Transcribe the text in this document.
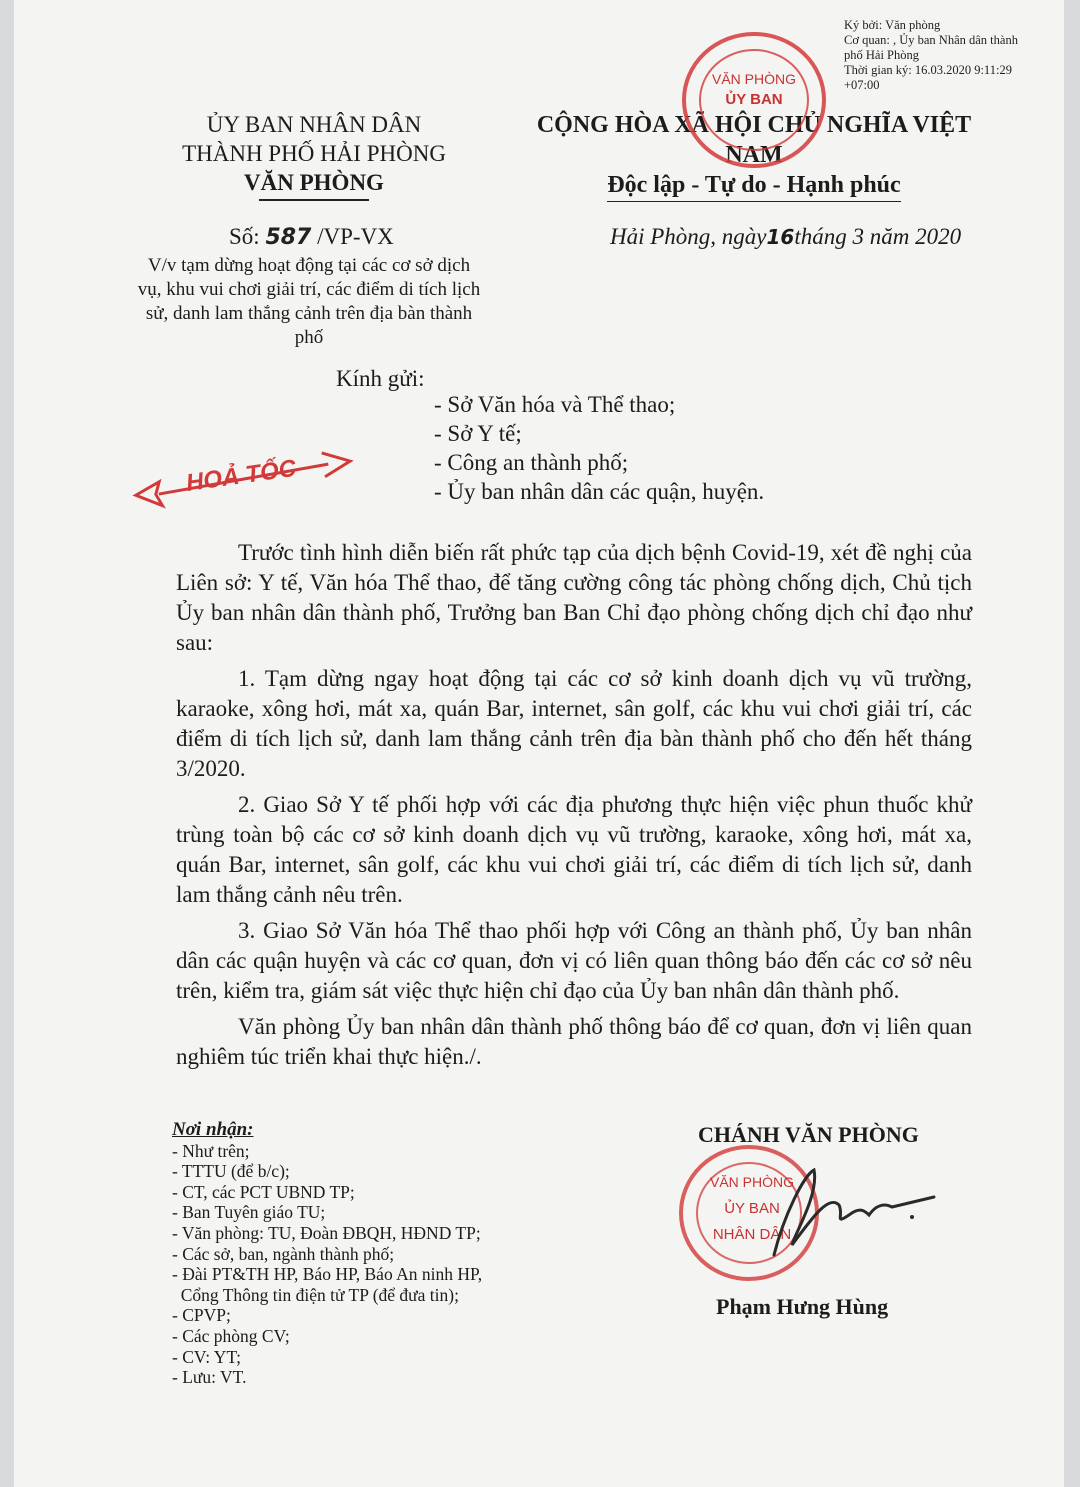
Ký bởi: Văn phòng
Cơ quan: , Ủy ban Nhân dân thành
phố Hải Phòng
Thời gian ký: 16.03.2020 9:11:29
+07:00
ỦY BAN NHÂN DÂN
THÀNH PHỐ HẢI PHÒNG
VĂN PHÒNG
CỘNG HÒA XÃ HỘI CHỦ NGHĨA VIỆT NAM
Độc lập - Tự do - Hạnh phúc
VĂN PHÒNG
ỦY BAN
Số: 587 /VP-VX	Hải Phòng, ngày16tháng 3 năm 2020
V/v tạm dừng hoạt động tại các cơ sở dịch vụ, khu vui chơi giải trí, các điểm di tích lịch sử, danh lam thắng cảnh trên địa bàn thành phố
Kính gửi:
- Sở Văn hóa và Thể thao;
- Sở Y tế;
- Công an thành phố;
- Ủy ban nhân dân các quận, huyện.
HOẢ TỐC

Trước tình hình diễn biến rất phức tạp của dịch bệnh Covid-19, xét đề nghị của Liên sở: Y tế, Văn hóa Thể thao, để tăng cường công tác phòng chống dịch, Chủ tịch Ủy ban nhân dân thành phố, Trưởng ban Ban Chỉ đạo phòng chống dịch chỉ đạo như sau:

1. Tạm dừng ngay hoạt động tại các cơ sở kinh doanh dịch vụ vũ trường, karaoke, xông hơi, mát xa, quán Bar, internet, sân golf, các khu vui chơi giải trí, các điểm di tích lịch sử, danh lam thắng cảnh trên địa bàn thành phố cho đến hết tháng 3/2020.

2. Giao Sở Y tế phối hợp với các địa phương thực hiện việc phun thuốc khử trùng toàn bộ các cơ sở kinh doanh dịch vụ vũ trường, karaoke, xông hơi, mát xa, quán Bar, internet, sân golf, các khu vui chơi giải trí, các điểm di tích lịch sử, danh lam thắng cảnh nêu trên.

3. Giao Sở Văn hóa Thể thao phối hợp với Công an thành phố, Ủy ban nhân dân các quận huyện và các cơ quan, đơn vị có liên quan thông báo đến các cơ sở nêu trên, kiểm tra, giám sát việc thực hiện chỉ đạo của Ủy ban nhân dân thành phố.

Văn phòng Ủy ban nhân dân thành phố thông báo để cơ quan, đơn vị liên quan nghiêm túc triển khai thực hiện./.

Nơi nhận:
- Như trên;
- TTTU (để b/c);
- CT, các PCT UBND TP;
- Ban Tuyên giáo TU;
- Văn phòng: TU, Đoàn ĐBQH, HĐND TP;
- Các sở, ban, ngành thành phố;
- Đài PT&TH HP, Báo HP, Báo An ninh HP,
Cổng Thông tin điện tử TP (để đưa tin);
- CPVP;
- Các phòng CV;
- CV: YT;
- Lưu: VT.
CHÁNH VĂN PHÒNG
VĂN PHÒNG
ỦY BAN
NHÂN DÂN
Phạm Hưng Hùng
